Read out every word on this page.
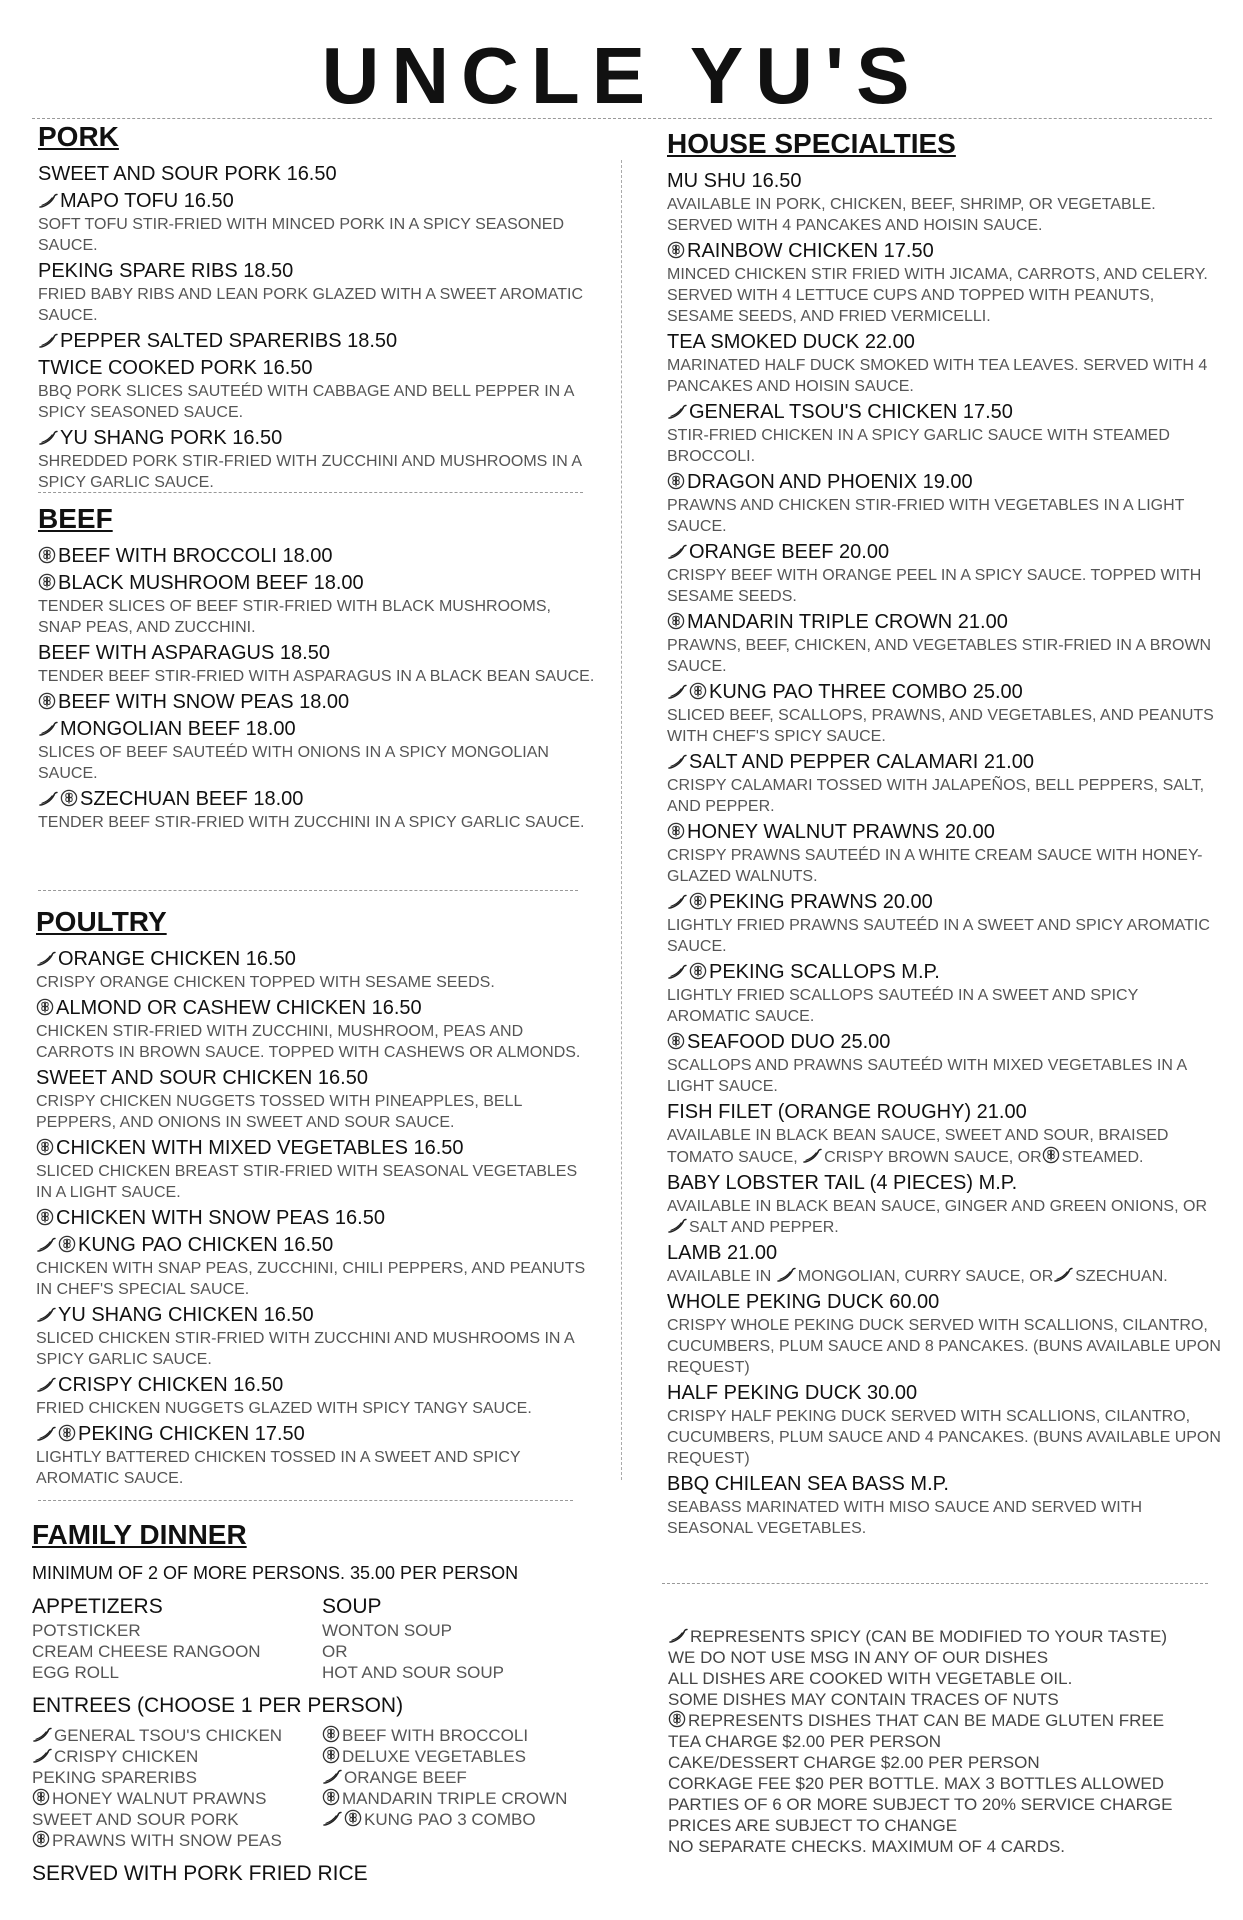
UNCLE YU'S
PORK
SWEET AND SOUR PORK 16.50
MAPO TOFU 16.50
SOFT TOFU STIR-FRIED WITH MINCED PORK IN A SPICY SEASONED SAUCE.
PEKING SPARE RIBS 18.50
FRIED BABY RIBS AND LEAN PORK GLAZED WITH A SWEET AROMATIC SAUCE.
PEPPER SALTED SPARERIBS 18.50
TWICE COOKED PORK 16.50
BBQ PORK SLICES SAUTEÉD WITH CABBAGE AND BELL PEPPER IN A SPICY SEASONED SAUCE.
YU SHANG PORK 16.50
SHREDDED PORK STIR-FRIED WITH ZUCCHINI AND MUSHROOMS IN A SPICY GARLIC SAUCE.
BEEF
BEEF WITH BROCCOLI 18.00
BLACK MUSHROOM BEEF 18.00
TENDER SLICES OF BEEF STIR-FRIED WITH BLACK MUSHROOMS, SNAP PEAS, AND ZUCCHINI.
BEEF WITH ASPARAGUS 18.50
TENDER BEEF STIR-FRIED WITH ASPARAGUS IN A BLACK BEAN SAUCE.
BEEF WITH SNOW PEAS 18.00
MONGOLIAN BEEF 18.00
SLICES OF BEEF SAUTEÉD WITH ONIONS IN A SPICY MONGOLIAN SAUCE.
SZECHUAN BEEF 18.00
TENDER BEEF STIR-FRIED WITH ZUCCHINI IN A SPICY GARLIC SAUCE.
POULTRY
ORANGE CHICKEN 16.50
CRISPY ORANGE CHICKEN TOPPED WITH SESAME SEEDS.
ALMOND OR CASHEW CHICKEN 16.50
CHICKEN STIR-FRIED WITH ZUCCHINI, MUSHROOM, PEAS AND CARROTS IN BROWN SAUCE. TOPPED WITH CASHEWS OR ALMONDS.
SWEET AND SOUR CHICKEN 16.50
CRISPY CHICKEN NUGGETS TOSSED WITH PINEAPPLES, BELL PEPPERS, AND ONIONS IN SWEET AND SOUR SAUCE.
CHICKEN WITH MIXED VEGETABLES 16.50
SLICED CHICKEN BREAST STIR-FRIED WITH SEASONAL VEGETABLES IN A LIGHT SAUCE.
CHICKEN WITH SNOW PEAS 16.50
KUNG PAO CHICKEN 16.50
CHICKEN WITH SNAP PEAS, ZUCCHINI, CHILI PEPPERS, AND PEANUTS IN CHEF'S SPECIAL SAUCE.
YU SHANG CHICKEN 16.50
SLICED CHICKEN STIR-FRIED WITH ZUCCHINI AND MUSHROOMS IN A SPICY GARLIC SAUCE.
CRISPY CHICKEN 16.50
FRIED CHICKEN NUGGETS GLAZED WITH SPICY TANGY SAUCE.
PEKING CHICKEN 17.50
LIGHTLY BATTERED CHICKEN TOSSED IN A SWEET AND SPICY AROMATIC SAUCE.
FAMILY DINNER
MINIMUM OF 2 OF MORE PERSONS. 35.00 PER PERSON
APPETIZERS
POTSTICKER
CREAM CHEESE RANGOON
EGG ROLL
SOUP
WONTON SOUP
OR
HOT AND SOUR SOUP
ENTREES (CHOOSE 1 PER PERSON)
GENERAL TSOU'S CHICKEN
CRISPY CHICKEN
PEKING SPARERIBS
HONEY WALNUT PRAWNS
SWEET AND SOUR PORK
PRAWNS WITH SNOW PEAS
BEEF WITH BROCCOLI
DELUXE VEGETABLES
ORANGE BEEF
MANDARIN TRIPLE CROWN
KUNG PAO 3 COMBO
SERVED WITH PORK FRIED RICE
HOUSE SPECIALTIES
MU SHU 16.50
AVAILABLE IN PORK, CHICKEN, BEEF, SHRIMP, OR VEGETABLE. SERVED WITH 4 PANCAKES AND HOISIN SAUCE.
RAINBOW CHICKEN 17.50
MINCED CHICKEN STIR FRIED WITH JICAMA, CARROTS, AND CELERY. SERVED WITH 4 LETTUCE CUPS AND TOPPED WITH PEANUTS, SESAME SEEDS, AND FRIED VERMICELLI.
TEA SMOKED DUCK 22.00
MARINATED HALF DUCK SMOKED WITH TEA LEAVES. SERVED WITH 4 PANCAKES AND HOISIN SAUCE.
GENERAL TSOU'S CHICKEN 17.50
STIR-FRIED CHICKEN IN A SPICY GARLIC SAUCE WITH STEAMED BROCCOLI.
DRAGON AND PHOENIX 19.00
PRAWNS AND CHICKEN STIR-FRIED WITH VEGETABLES IN A LIGHT SAUCE.
ORANGE BEEF 20.00
CRISPY BEEF WITH ORANGE PEEL IN A SPICY SAUCE. TOPPED WITH SESAME SEEDS.
MANDARIN TRIPLE CROWN 21.00
PRAWNS, BEEF, CHICKEN, AND VEGETABLES STIR-FRIED IN A BROWN SAUCE.
KUNG PAO THREE COMBO 25.00
SLICED BEEF, SCALLOPS, PRAWNS, AND VEGETABLES, AND PEANUTS WITH CHEF'S SPICY SAUCE.
SALT AND PEPPER CALAMARI 21.00
CRISPY CALAMARI TOSSED WITH JALAPEÑOS, BELL PEPPERS, SALT, AND PEPPER.
HONEY WALNUT PRAWNS 20.00
CRISPY PRAWNS SAUTEÉD IN A WHITE CREAM SAUCE WITH HONEY-GLAZED WALNUTS.
PEKING PRAWNS 20.00
LIGHTLY FRIED PRAWNS SAUTEÉD IN A SWEET AND SPICY AROMATIC SAUCE.
PEKING SCALLOPS M.P.
LIGHTLY FRIED SCALLOPS SAUTEÉD IN A SWEET AND SPICY AROMATIC SAUCE.
SEAFOOD DUO 25.00
SCALLOPS AND PRAWNS SAUTEÉD WITH MIXED VEGETABLES IN A LIGHT SAUCE.
FISH FILET (ORANGE ROUGHY) 21.00
AVAILABLE IN BLACK BEAN SAUCE, SWEET AND SOUR, BRAISED TOMATO SAUCE,
CRISPY BROWN SAUCE, OR STEAMED.
BABY LOBSTER TAIL (4 PIECES) M.P.
AVAILABLE IN BLACK BEAN SAUCE, GINGER AND GREEN ONIONS, OR
SALT AND PEPPER.
LAMB 21.00
AVAILABLE IN
MONGOLIAN, CURRY SAUCE, OR SZECHUAN.
WHOLE PEKING DUCK 60.00
CRISPY WHOLE PEKING DUCK SERVED WITH SCALLIONS, CILANTRO, CUCUMBERS, PLUM SAUCE AND 8 PANCAKES. (BUNS AVAILABLE UPON REQUEST)
HALF PEKING DUCK 30.00
CRISPY HALF PEKING DUCK SERVED WITH SCALLIONS, CILANTRO, CUCUMBERS, PLUM SAUCE AND 4 PANCAKES. (BUNS AVAILABLE UPON REQUEST)
BBQ CHILEAN SEA BASS M.P.
SEABASS MARINATED WITH MISO SAUCE AND SERVED WITH SEASONAL VEGETABLES.
REPRESENTS SPICY (CAN BE MODIFIED TO YOUR TASTE)
WE DO NOT USE MSG IN ANY OF OUR DISHES
ALL DISHES ARE COOKED WITH VEGETABLE OIL.
SOME DISHES MAY CONTAIN TRACES OF NUTS
REPRESENTS DISHES THAT CAN BE MADE GLUTEN FREE
TEA CHARGE $2.00 PER PERSON
CAKE/DESSERT CHARGE $2.00 PER PERSON
CORKAGE FEE $20 PER BOTTLE. MAX 3 BOTTLES ALLOWED
PARTIES OF 6 OR MORE SUBJECT TO 20% SERVICE CHARGE
PRICES ARE SUBJECT TO CHANGE
NO SEPARATE CHECKS. MAXIMUM OF 4 CARDS.
